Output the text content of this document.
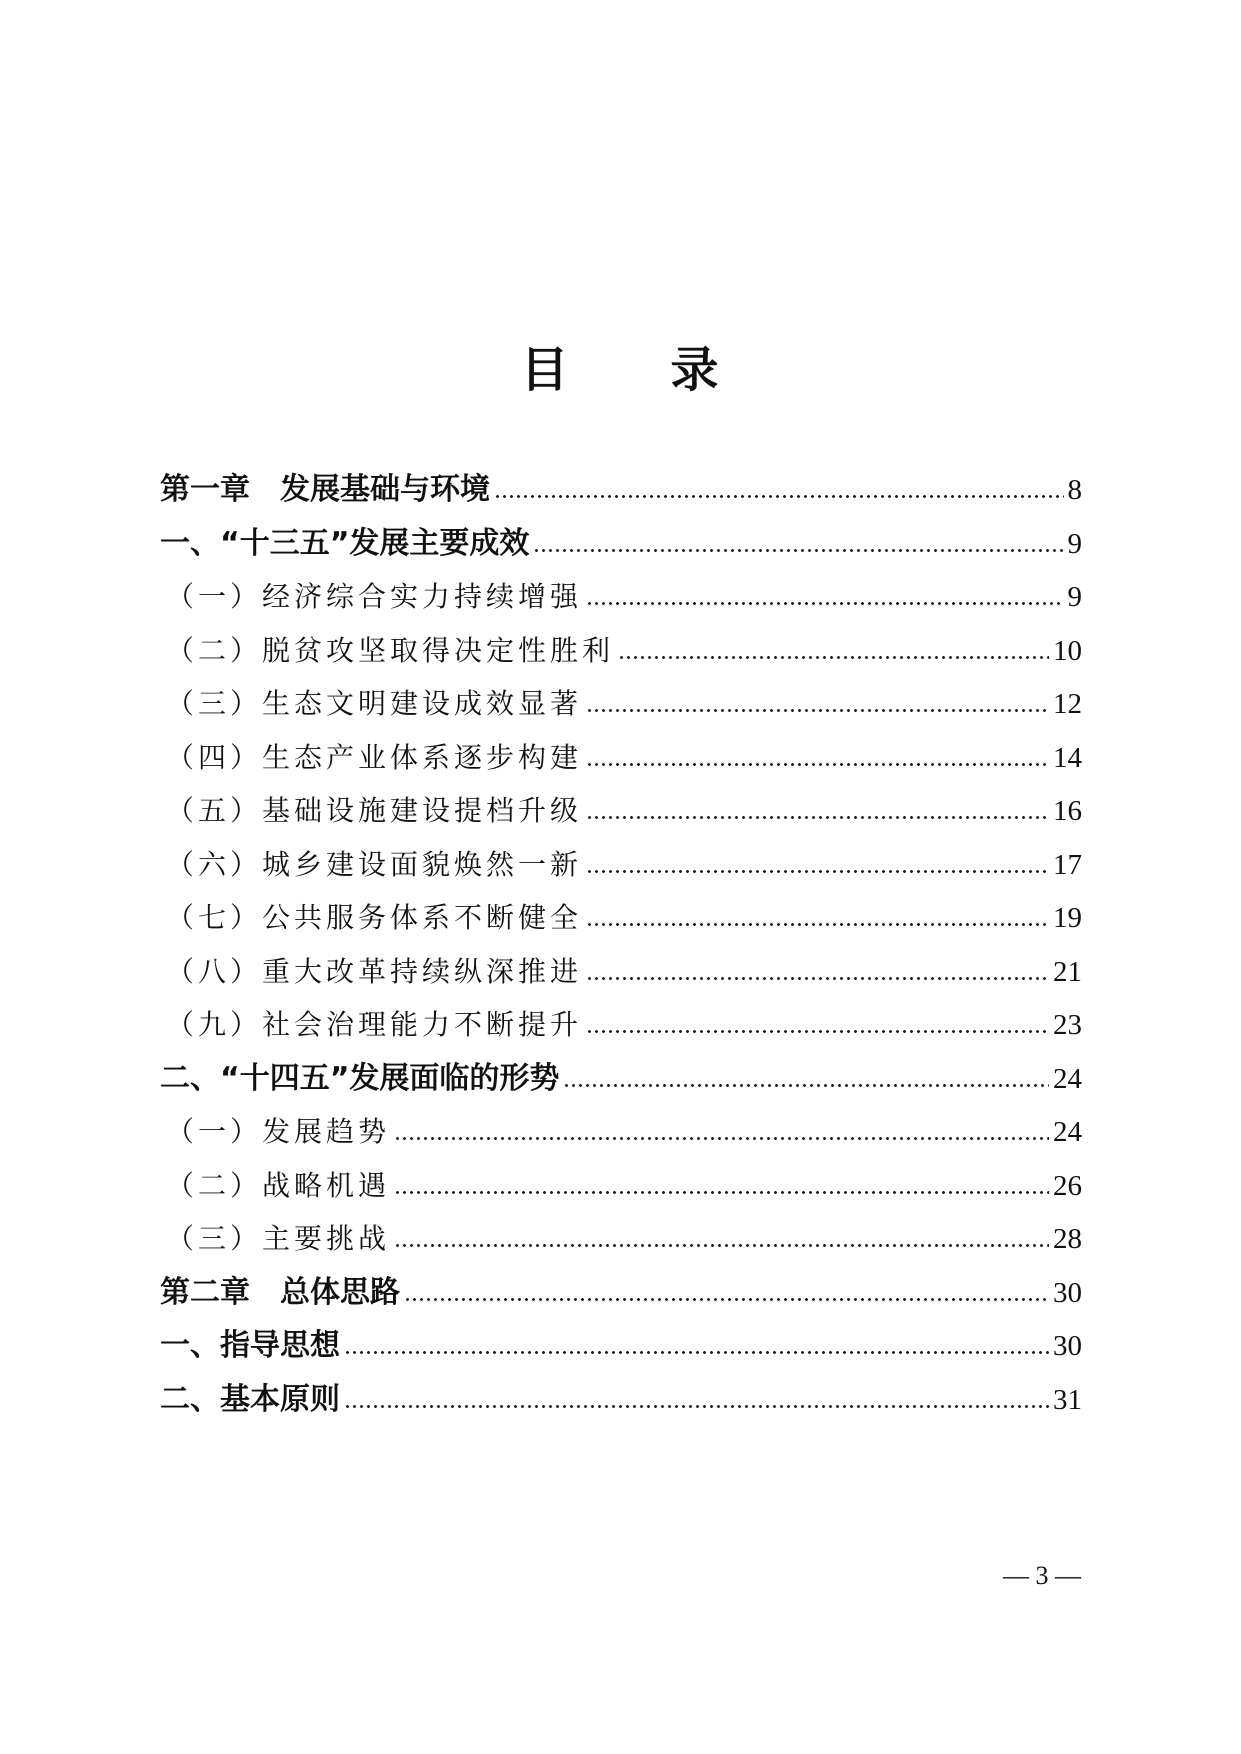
目　　录
第一章　发展基础与环境	8
一、“十三五”发展主要成效	9
（一）经济综合实力持续增强	9
（二）脱贫攻坚取得决定性胜利	10
（三）生态文明建设成效显著	12
（四）生态产业体系逐步构建	14
（五）基础设施建设提档升级	16
（六）城乡建设面貌焕然一新	17
（七）公共服务体系不断健全	19
（八）重大改革持续纵深推进	21
（九）社会治理能力不断提升	23
二、“十四五”发展面临的形势	24
（一）发展趋势	24
（二）战略机遇	26
（三）主要挑战	28
第二章　总体思路	30
一、指导思想	30
二、基本原则	31
— 3 —
